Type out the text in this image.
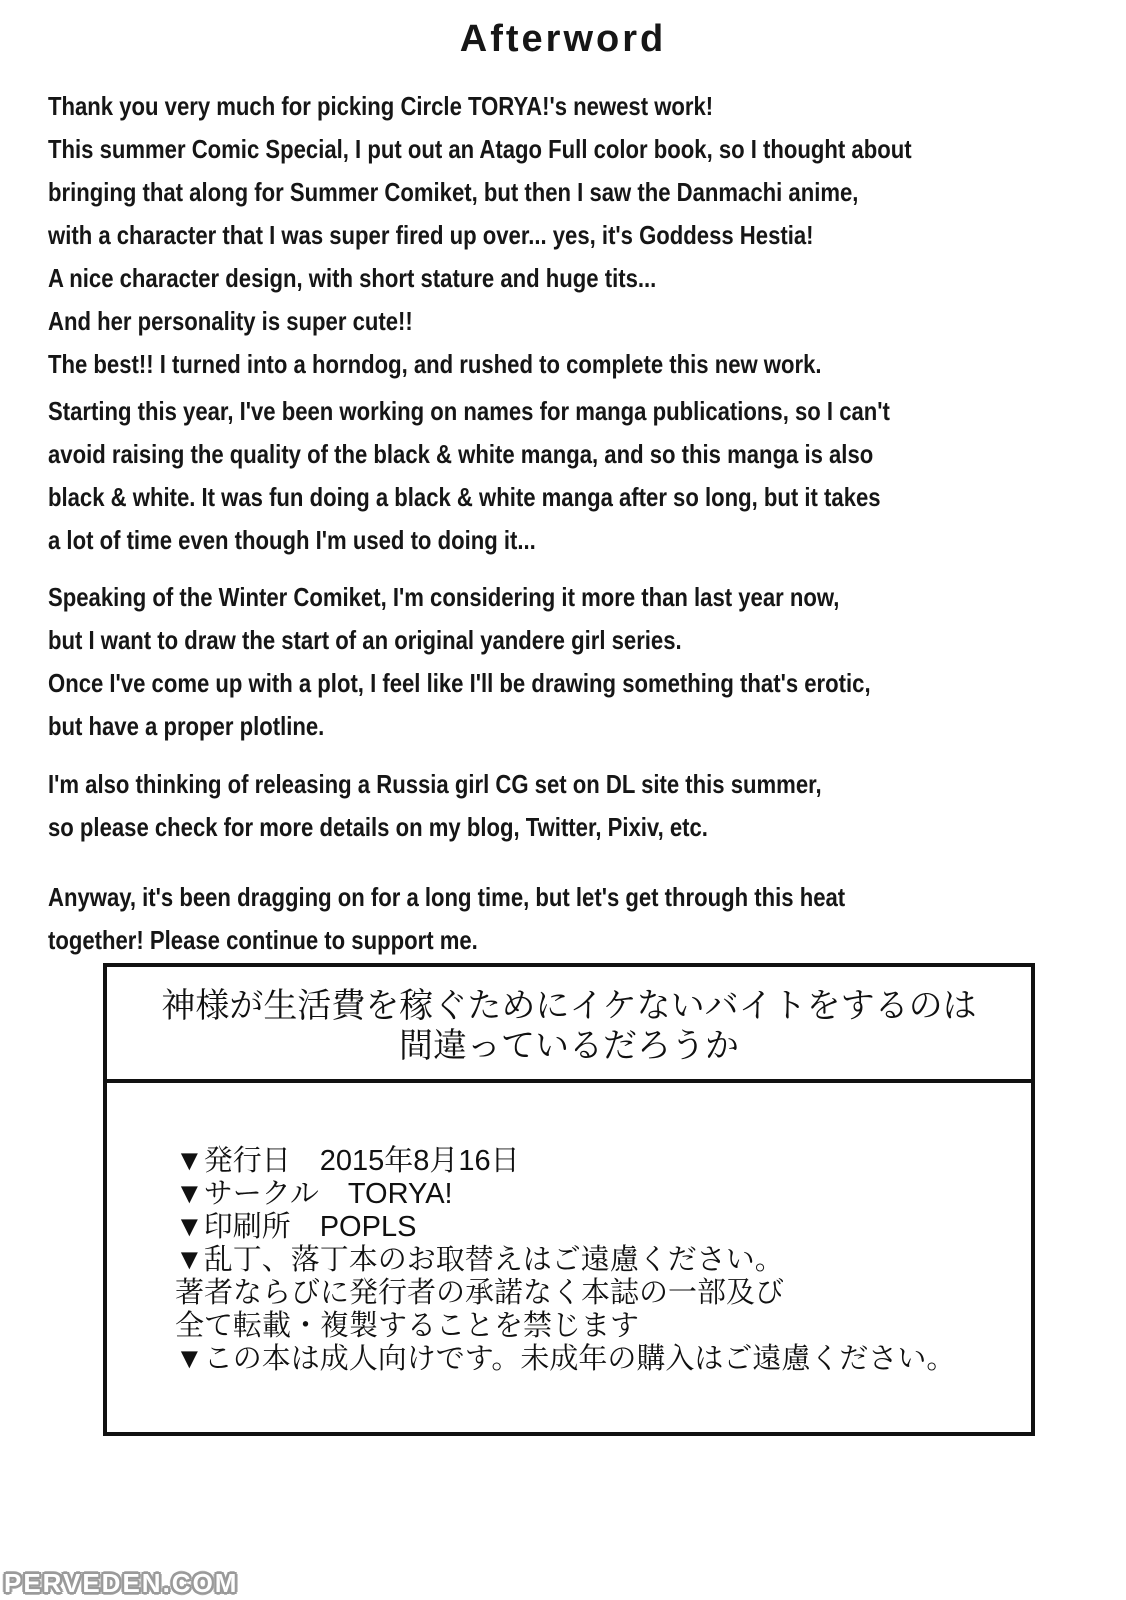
Afterword
Thank you very much for picking Circle TORYA!'s newest work!
This summer Comic Special, I put out an Atago Full color book, so I thought about
bringing that along for Summer Comiket, but then I saw the Danmachi anime,
with a character that I was super fired up over... yes, it's Goddess Hestia!
A nice character design, with short stature and huge tits...
And her personality is super cute!!
The best!! I turned into a horndog, and rushed to complete this new work.
Starting this year, I've been working on names for manga publications, so I can't
avoid raising the quality of the black & white manga, and so this manga is also
black & white. It was fun doing a black & white manga after so long, but it takes
a lot of time even though I'm used to doing it...
Speaking of the Winter Comiket, I'm considering it more than last year now,
but I want to draw the start of an original yandere girl series.
Once I've come up with a plot, I feel like I'll be drawing something that's erotic,
but have a proper plotline.
I'm also thinking of releasing a Russia girl CG set on DL site this summer,
so please check for more details on my blog, Twitter, Pixiv, etc.
Anyway, it's been dragging on for a long time, but let's get through this heat
together! Please continue to support me.
神様が生活費を稼ぐためにイケないバイトをするのは
間違っているだろうか
▼発行日　2015年8月16日
▼サークル　TORYA!
▼印刷所　POPLS
▼乱丁、落丁本のお取替えはご遠慮ください。
著者ならびに発行者の承諾なく本誌の一部及び
全て転載・複製することを禁じます
▼この本は成人向けです。未成年の購入はご遠慮ください。
PERVEDEN.COM
